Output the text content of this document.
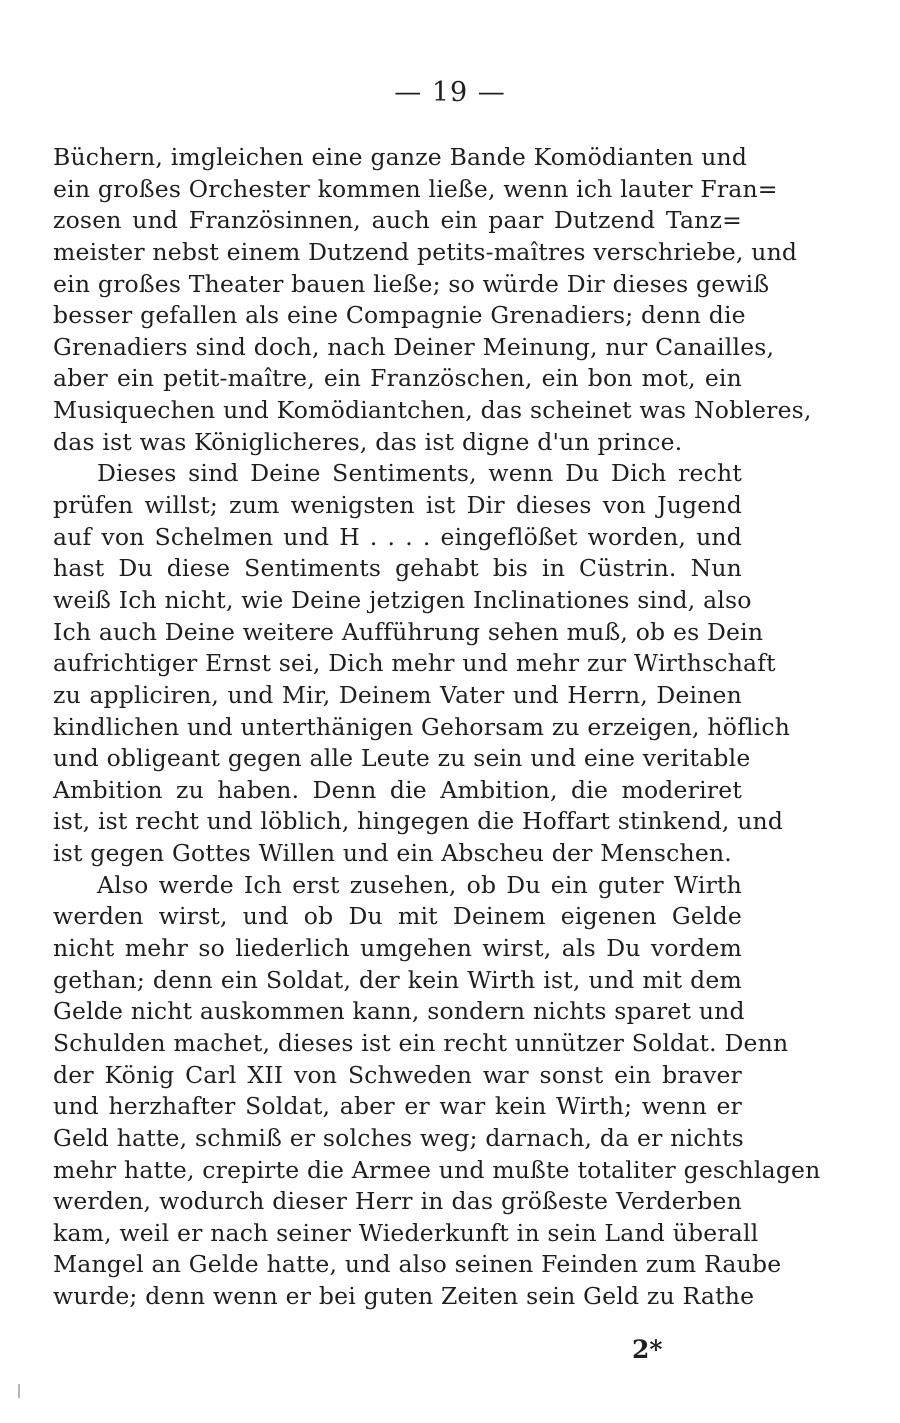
— 19 —
Büchern, imgleichen eine ganze Bande Komödianten und
ein großes Orchester kommen ließe, wenn ich lauter Fran=
zosen und Französinnen, auch ein paar Dutzend Tanz=
meister nebst einem Dutzend petits-maîtres verschriebe, und
ein großes Theater bauen ließe; so würde Dir dieses gewiß
besser gefallen als eine Compagnie Grenadiers; denn die
Grenadiers sind doch, nach Deiner Meinung, nur Canailles,
aber ein petit-maître, ein Französchen, ein bon mot, ein
Musiquechen und Komödiantchen, das scheinet was Nobleres,
das ist was Königlicheres, das ist digne d'un prince.
Dieses sind Deine Sentiments, wenn Du Dich recht
prüfen willst; zum wenigsten ist Dir dieses von Jugend
auf von Schelmen und H . . . . eingeflößet worden, und
hast Du diese Sentiments gehabt bis in Cüstrin. Nun
weiß Ich nicht, wie Deine jetzigen Inclinationes sind, also
Ich auch Deine weitere Aufführung sehen muß, ob es Dein
aufrichtiger Ernst sei, Dich mehr und mehr zur Wirthschaft
zu appliciren, und Mir, Deinem Vater und Herrn, Deinen
kindlichen und unterthänigen Gehorsam zu erzeigen, höflich
und obligeant gegen alle Leute zu sein und eine veritable
Ambition zu haben. Denn die Ambition, die moderiret
ist, ist recht und löblich, hingegen die Hoffart stinkend, und
ist gegen Gottes Willen und ein Abscheu der Menschen.
Also werde Ich erst zusehen, ob Du ein guter Wirth
werden wirst, und ob Du mit Deinem eigenen Gelde
nicht mehr so liederlich umgehen wirst, als Du vordem
gethan; denn ein Soldat, der kein Wirth ist, und mit dem
Gelde nicht auskommen kann, sondern nichts sparet und
Schulden machet, dieses ist ein recht unnützer Soldat. Denn
der König Carl XII von Schweden war sonst ein braver
und herzhafter Soldat, aber er war kein Wirth; wenn er
Geld hatte, schmiß er solches weg; darnach, da er nichts
mehr hatte, crepirte die Armee und mußte totaliter geschlagen
werden, wodurch dieser Herr in das größeste Verderben
kam, weil er nach seiner Wiederkunft in sein Land überall
Mangel an Gelde hatte, und also seinen Feinden zum Raube
wurde; denn wenn er bei guten Zeiten sein Geld zu Rathe
2*
